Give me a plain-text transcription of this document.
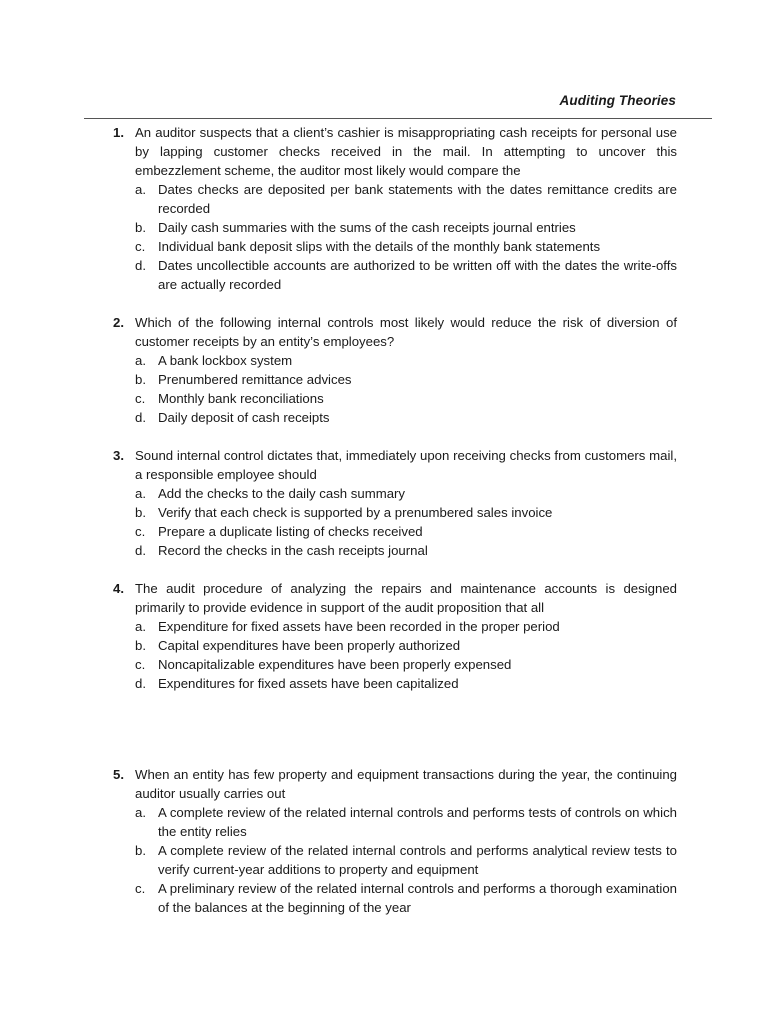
Auditing Theories
1. An auditor suspects that a client’s cashier is misappropriating cash receipts for personal use by lapping customer checks received in the mail. In attempting to uncover this embezzlement scheme, the auditor most likely would compare the
a. Dates checks are deposited per bank statements with the dates remittance credits are recorded
b. Daily cash summaries with the sums of the cash receipts journal entries
c. Individual bank deposit slips with the details of the monthly bank statements
d. Dates uncollectible accounts are authorized to be written off with the dates the write-offs are actually recorded
2. Which of the following internal controls most likely would reduce the risk of diversion of customer receipts by an entity’s employees?
a. A bank lockbox system
b. Prenumbered remittance advices
c. Monthly bank reconciliations
d. Daily deposit of cash receipts
3. Sound internal control dictates that, immediately upon receiving checks from customers mail, a responsible employee should
a. Add the checks to the daily cash summary
b. Verify that each check is supported by a prenumbered sales invoice
c. Prepare a duplicate listing of checks received
d. Record the checks in the cash receipts journal
4. The audit procedure of analyzing the repairs and maintenance accounts is designed primarily to provide evidence in support of the audit proposition that all
a. Expenditure for fixed assets have been recorded in the proper period
b. Capital expenditures have been properly authorized
c. Noncapitalizable expenditures have been properly expensed
d. Expenditures for fixed assets have been capitalized
5. When an entity has few property and equipment transactions during the year, the continuing auditor usually carries out
a. A complete review of the related internal controls and performs tests of controls on which the entity relies
b. A complete review of the related internal controls and performs analytical review tests to verify current-year additions to property and equipment
c. A preliminary review of the related internal controls and performs a thorough examination of the balances at the beginning of the year
